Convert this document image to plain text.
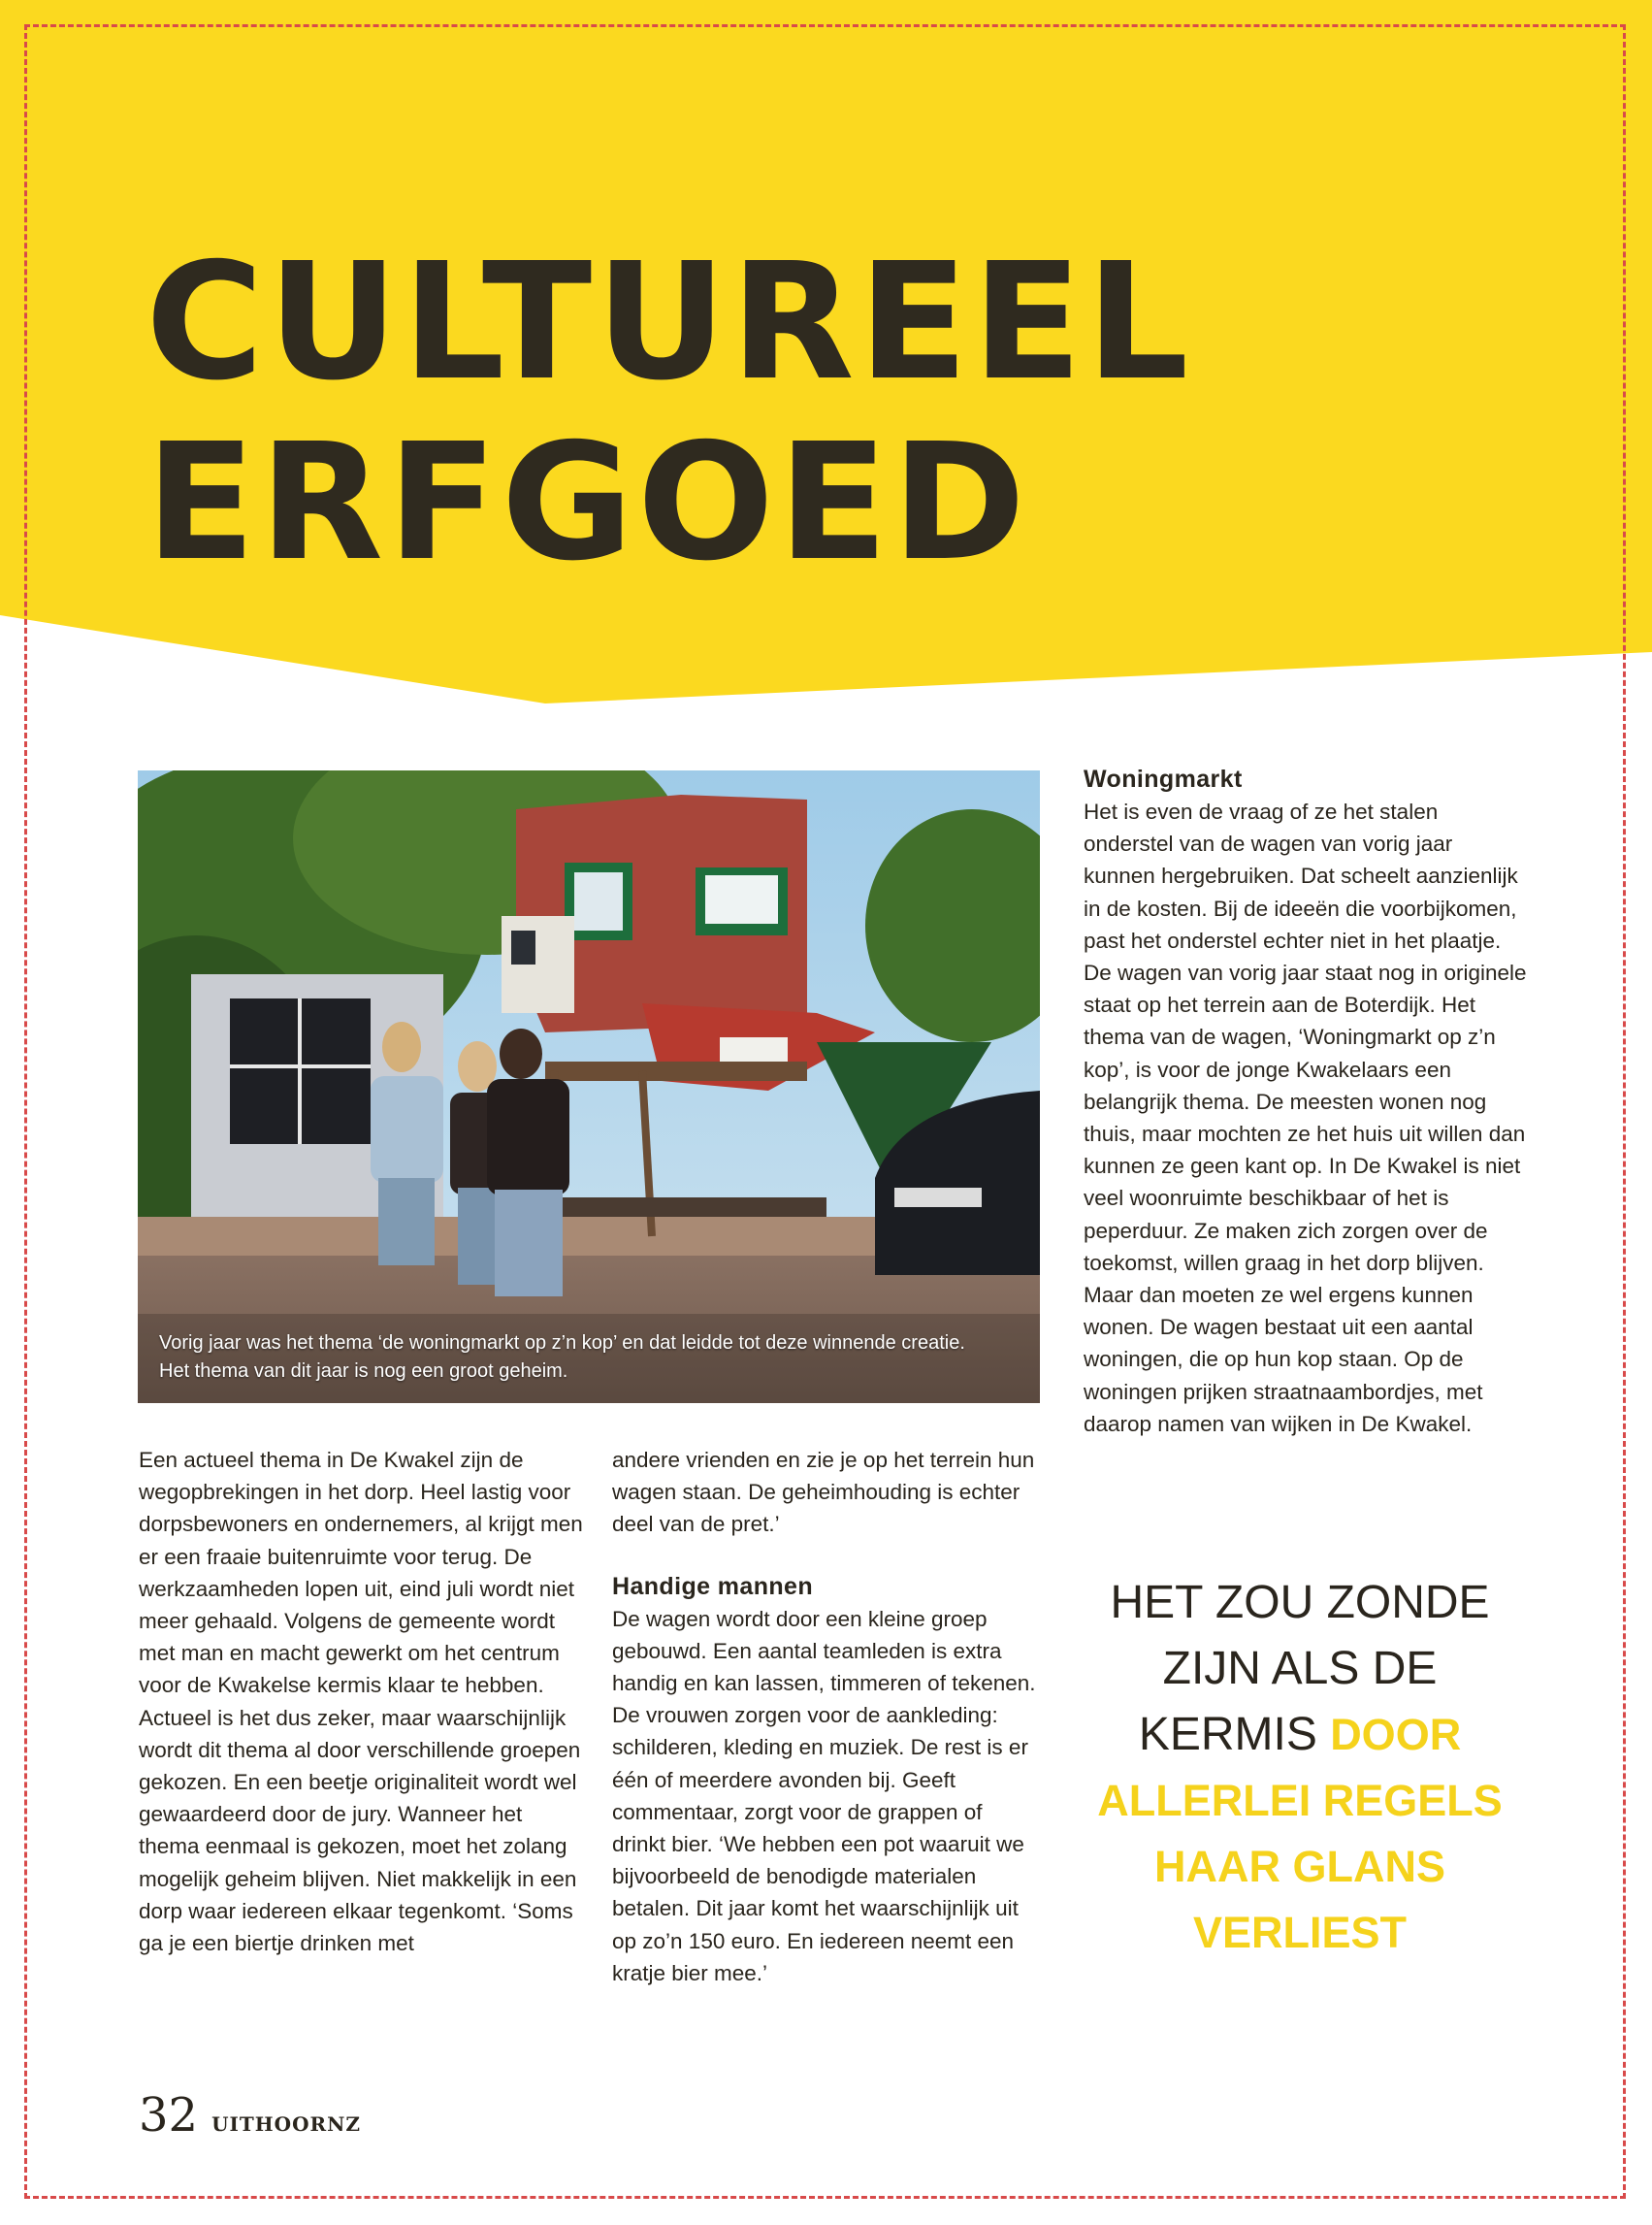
CULTUREEL
ERFGOED
Vorig jaar was het thema ‘de woningmarkt op z’n kop’ en dat leidde tot deze winnende creatie.
Het thema van dit jaar is nog een groot geheim.

Een actueel thema in De Kwakel zijn de wegopbrekingen in het dorp. Heel lastig voor dorpsbewoners en ondernemers, al krijgt men er een fraaie buitenruimte voor terug. De werkzaamheden lopen uit, eind juli wordt niet meer gehaald. Volgens de gemeente wordt met man en macht gewerkt om het centrum voor de Kwakelse kermis klaar te hebben. Actueel is het dus zeker, maar waarschijnlijk wordt dit thema al door verschillende groepen gekozen. En een beetje originaliteit wordt wel gewaardeerd door de jury. Wanneer het thema eenmaal is gekozen, moet het zolang mogelijk geheim blijven. Niet makkelijk in een dorp waar iedereen elkaar tegenkomt. ‘Soms ga je een biertje drinken met

andere vrienden en zie je op het terrein hun wagen staan. De geheimhouding is echter deel van de pret.’

Handige mannen

De wagen wordt door een kleine groep gebouwd. Een aantal teamleden is extra handig en kan lassen, timmeren of tekenen. De vrouwen zorgen voor de aankleding: schilderen, kleding en muziek. De rest is er één of meerdere avonden bij. Geeft commentaar, zorgt voor de grappen of drinkt bier. ‘We hebben een pot waaruit we bijvoorbeeld de benodigde materialen betalen. Dit jaar komt het waarschijnlijk uit op zo’n 150 euro. En iedereen neemt een kratje bier mee.’

Woningmarkt

Het is even de vraag of ze het stalen onderstel van de wagen van vorig jaar kunnen hergebruiken. Dat scheelt aanzienlijk in de kosten. Bij de ideeën die voorbijkomen, past het onderstel echter niet in het plaatje. De wagen van vorig jaar staat nog in originele staat op het terrein aan de Boterdijk. Het thema van de wagen, ‘Woningmarkt op z’n kop’, is voor de jonge Kwakelaars een belangrijk thema. De meesten wonen nog thuis, maar mochten ze het huis uit willen dan kunnen ze geen kant op. In De Kwakel is niet veel woonruimte beschikbaar of het is peperduur. Ze maken zich zorgen over de toekomst, willen graag in het dorp blijven. Maar dan moeten ze wel ergens kunnen wonen. De wagen bestaat uit een aantal woningen, die op hun kop staan. Op de woningen prijken straatnaambordjes, met daarop namen van wijken in De Kwakel.

HET ZOU ZONDE ZIJN ALS DE KERMIS DOOR ALLERLEI REGELS HAAR GLANS VERLIEST
32 UITHOORNZ
